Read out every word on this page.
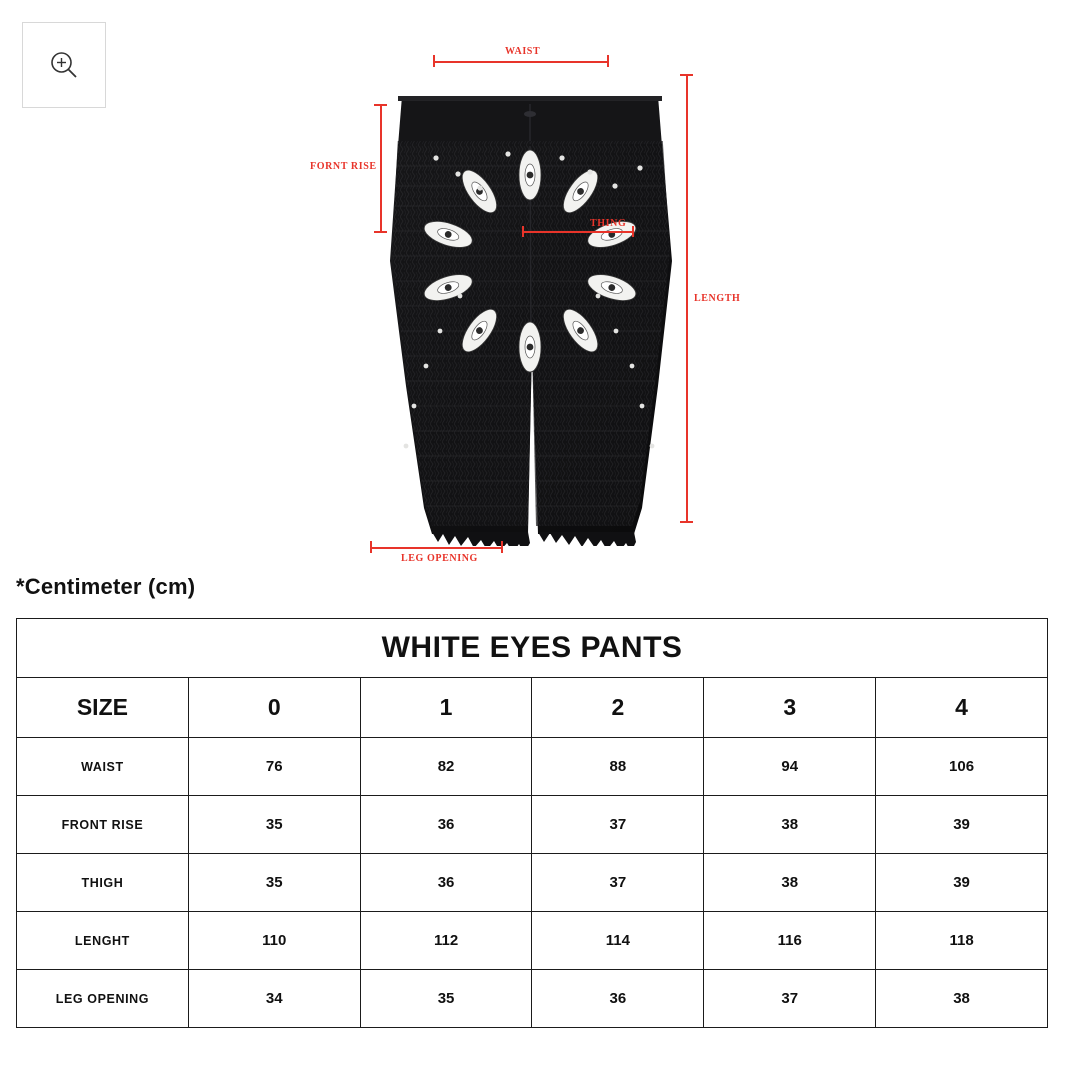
WAIST
FORNT RISE
THING
LENGTH
LEG OPENING
*Centimeter (cm)
WHITE EYES PANTS					
SIZE	0	1	2	3	4
WAIST	76	82	88	94	106
FRONT RISE	35	36	37	38	39
THIGH	35	36	37	38	39
LENGHT	110	112	114	116	118
LEG OPENING	34	35	36	37	38
